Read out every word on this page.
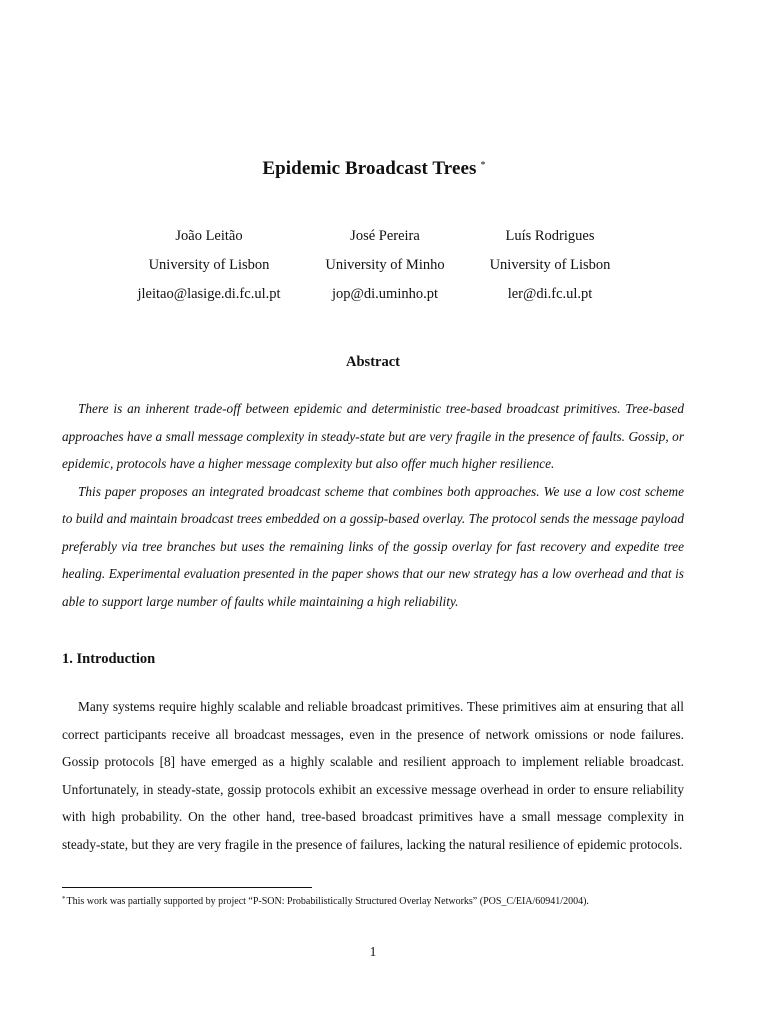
Epidemic Broadcast Trees *
João Leitão
University of Lisbon
jleitao@lasige.di.fc.ul.pt
José Pereira
University of Minho
jop@di.uminho.pt
Luís Rodrigues
University of Lisbon
ler@di.fc.ul.pt
Abstract

There is an inherent trade-off between epidemic and deterministic tree-based broadcast primitives. Tree-based approaches have a small message complexity in steady-state but are very fragile in the presence of faults. Gossip, or epidemic, protocols have a higher message complexity but also offer much higher resilience.

This paper proposes an integrated broadcast scheme that combines both approaches. We use a low cost scheme to build and maintain broadcast trees embedded on a gossip-based overlay. The protocol sends the message payload preferably via tree branches but uses the remaining links of the gossip overlay for fast recovery and expedite tree healing. Experimental evaluation presented in the paper shows that our new strategy has a low overhead and that is able to support large number of faults while maintaining a high reliability.

1. Introduction

Many systems require highly scalable and reliable broadcast primitives. These primitives aim at ensuring that all correct participants receive all broadcast messages, even in the presence of network omissions or node failures. Gossip protocols [8] have emerged as a highly scalable and resilient approach to implement reliable broadcast. Unfortunately, in steady-state, gossip protocols exhibit an excessive message overhead in order to ensure reliability with high probability. On the other hand, tree-based broadcast primitives have a small message complexity in steady-state, but they are very fragile in the presence of failures, lacking the natural resilience of epidemic protocols.

*This work was partially supported by project “P-SON: Probabilistically Structured Overlay Networks” (POS_C/EIA/60941/2004).
1
